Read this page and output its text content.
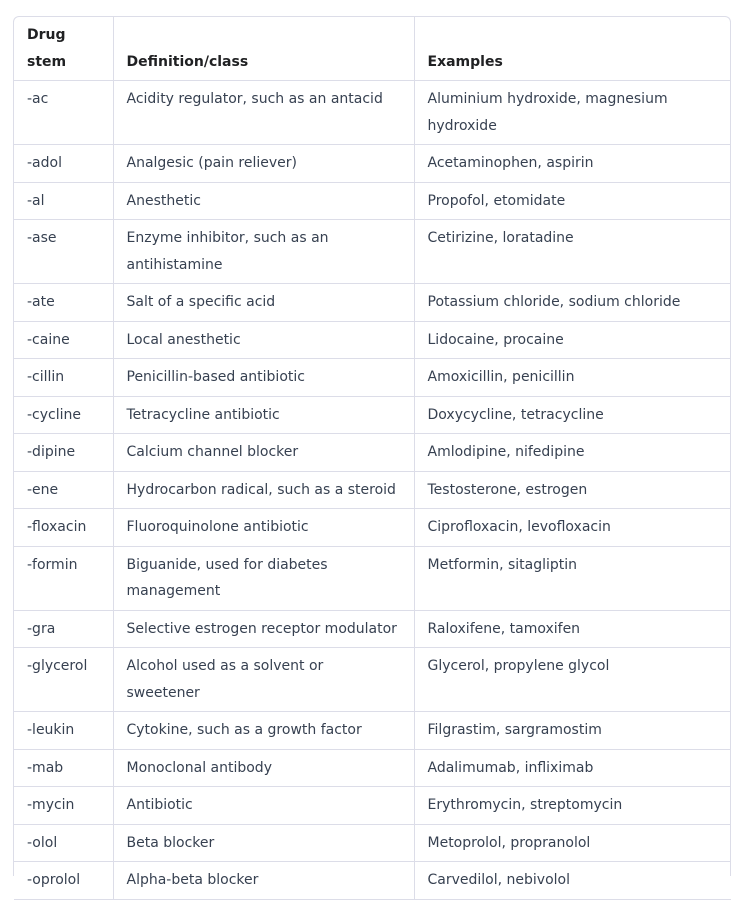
Drug stem	Definition/class	Examples
-ac	Acidity regulator, such as an antacid	Aluminium hydroxide, magnesium hydroxide
-adol	Analgesic (pain reliever)	Acetaminophen, aspirin
-al	Anesthetic	Propofol, etomidate
-ase	Enzyme inhibitor, such as an antihistamine	Cetirizine, loratadine
-ate	Salt of a specific acid	Potassium chloride, sodium chloride
-caine	Local anesthetic	Lidocaine, procaine
-cillin	Penicillin-based antibiotic	Amoxicillin, penicillin
-cycline	Tetracycline antibiotic	Doxycycline, tetracycline
-dipine	Calcium channel blocker	Amlodipine, nifedipine
-ene	Hydrocarbon radical, such as a steroid	Testosterone, estrogen
-floxacin	Fluoroquinolone antibiotic	Ciprofloxacin, levofloxacin
-formin	Biguanide, used for diabetes management	Metformin, sitagliptin
-gra	Selective estrogen receptor modulator	Raloxifene, tamoxifen
-glycerol	Alcohol used as a solvent or sweetener	Glycerol, propylene glycol
-leukin	Cytokine, such as a growth factor	Filgrastim, sargramostim
-mab	Monoclonal antibody	Adalimumab, infliximab
-mycin	Antibiotic	Erythromycin, streptomycin
-olol	Beta blocker	Metoprolol, propranolol
-oprolol	Alpha-beta blocker	Carvedilol, nebivolol
